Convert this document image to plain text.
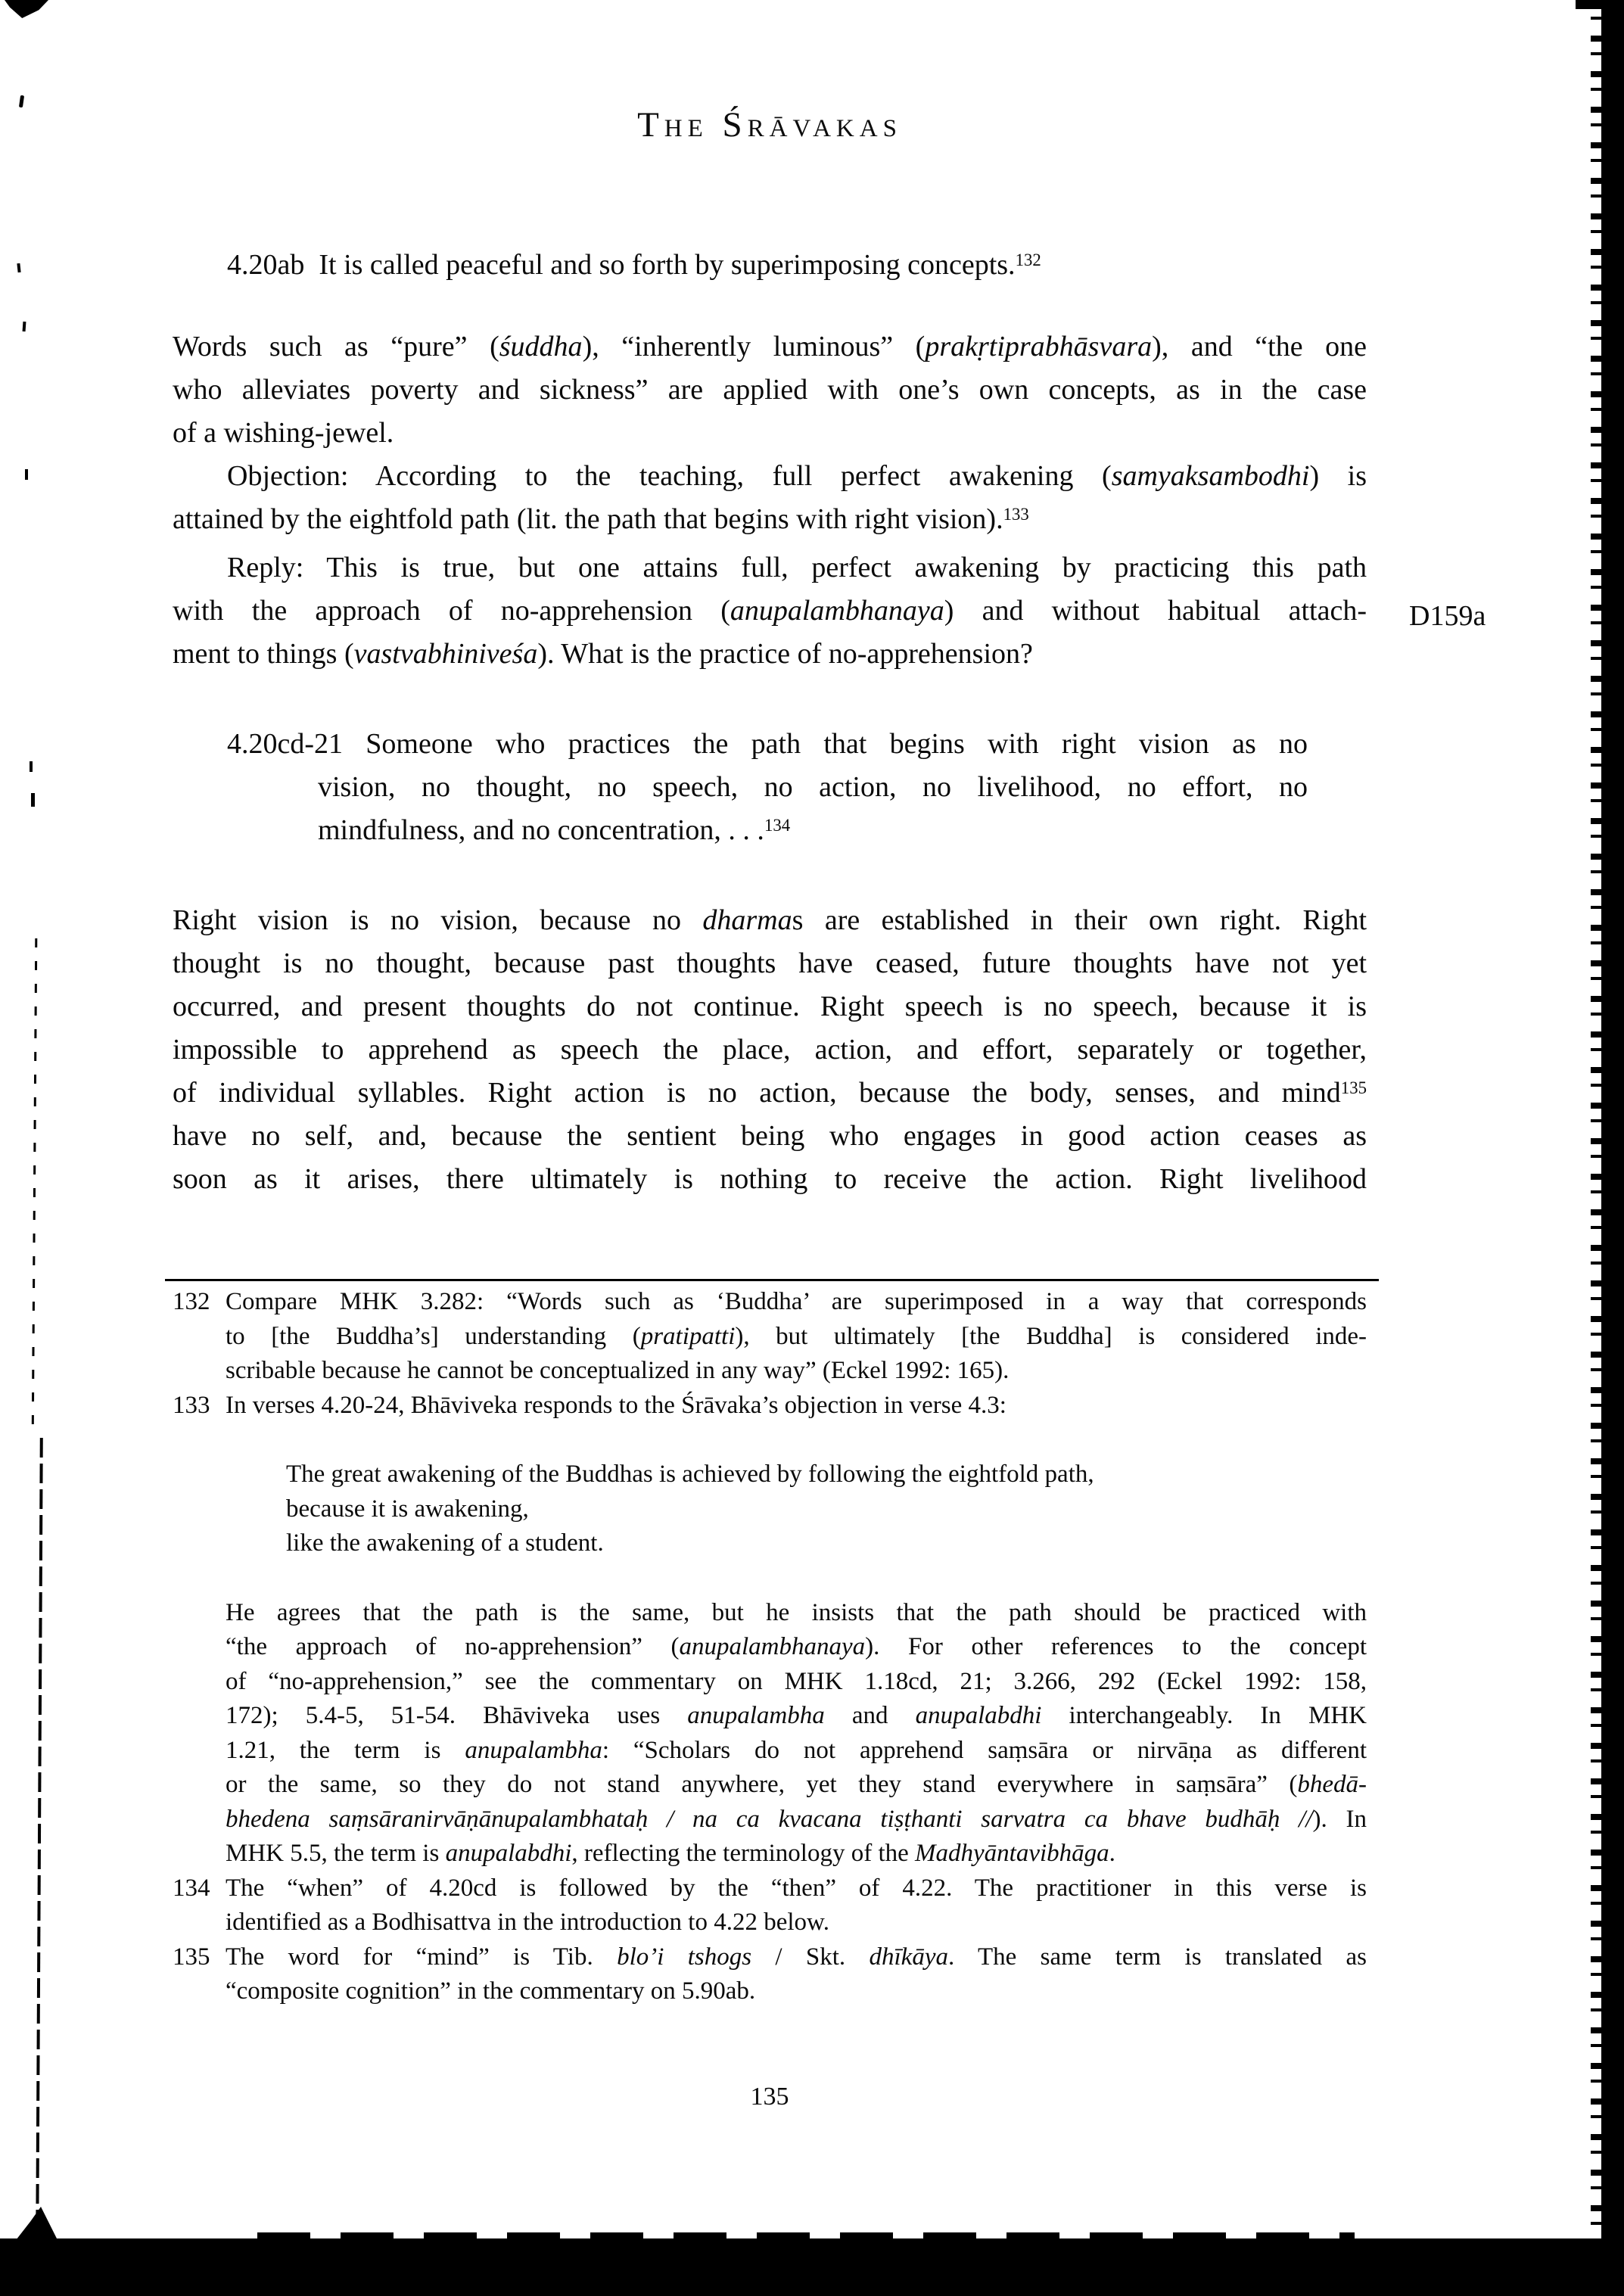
The Śrāvakas
4.20ab  It is called peaceful and so forth by superimposing concepts.$^{132}$
Words such as “pure” (śuddha), “inherently luminous” (prakṛtiprabhāsvara), and “the one
who alleviates poverty and sickness” are applied with one’s own concepts, as in the case
of a wishing-jewel.
Objection: According to the teaching, full perfect awakening (samyaksambodhi) is
attained by the eightfold path (lit. the path that begins with right vision).$^{133}$
Reply: This is true, but one attains full, perfect awakening by practicing this path
with the approach of no-apprehension (anupalambhanaya) and without habitual attach-
ment to things (vastvabhiniveśa). What is the practice of no-apprehension?
4.20cd-21 Someone who practices the path that begins with right vision as no
vision, no thought, no speech, no action, no livelihood, no effort, no
mindfulness, and no concentration, . . .$^{134}$
Right vision is no vision, because no dharmas are established in their own right. Right
thought is no thought, because past thoughts have ceased, future thoughts have not yet
occurred, and present thoughts do not continue. Right speech is no speech, because it is
impossible to apprehend as speech the place, action, and effort, separately or together,
of individual syllables. Right action is no action, because the body, senses, and mind$^{135}$
have no self, and, because the sentient being who engages in good action ceases as
soon as it arises, there ultimately is nothing to receive the action. Right livelihood
D159a
132 Compare MHK 3.282: “Words such as ‘Buddha’ are superimposed in a way that corresponds
to [the Buddha’s] understanding (pratipatti), but ultimately [the Buddha] is considered inde-
scribable because he cannot be conceptualized in any way” (Eckel 1992: 165).
133 In verses 4.20-24, Bhāviveka responds to the Śrāvaka’s objection in verse 4.3:
The great awakening of the Buddhas is achieved by following the eightfold path,
because it is awakening,
like the awakening of a student.
He agrees that the path is the same, but he insists that the path should be practiced with
“the approach of no-apprehension” (anupalambhanaya). For other references to the concept
of “no-apprehension,” see the commentary on MHK 1.18cd, 21; 3.266, 292 (Eckel 1992: 158,
172); 5.4-5, 51-54. Bhāviveka uses anupalambha and anupalabdhi interchangeably. In MHK
1.21, the term is anupalambha: “Scholars do not apprehend saṃsāra or nirvāṇa as different
or the same, so they do not stand anywhere, yet they stand everywhere in saṃsāra” (bhedā-
bhedena saṃsāranirvāṇānupalambhataḥ / na ca kvacana tiṣṭhanti sarvatra ca bhave budhāḥ //). In
MHK 5.5, the term is anupalabdhi, reflecting the terminology of the Madhyāntavibhāga.
134 The “when” of 4.20cd is followed by the “then” of 4.22. The practitioner in this verse is
identified as a Bodhisattva in the introduction to 4.22 below.
135 The word for “mind” is Tib. blo’i tshogs / Skt. dhīkāya. The same term is translated as
“composite cognition” in the commentary on 5.90ab.
135
